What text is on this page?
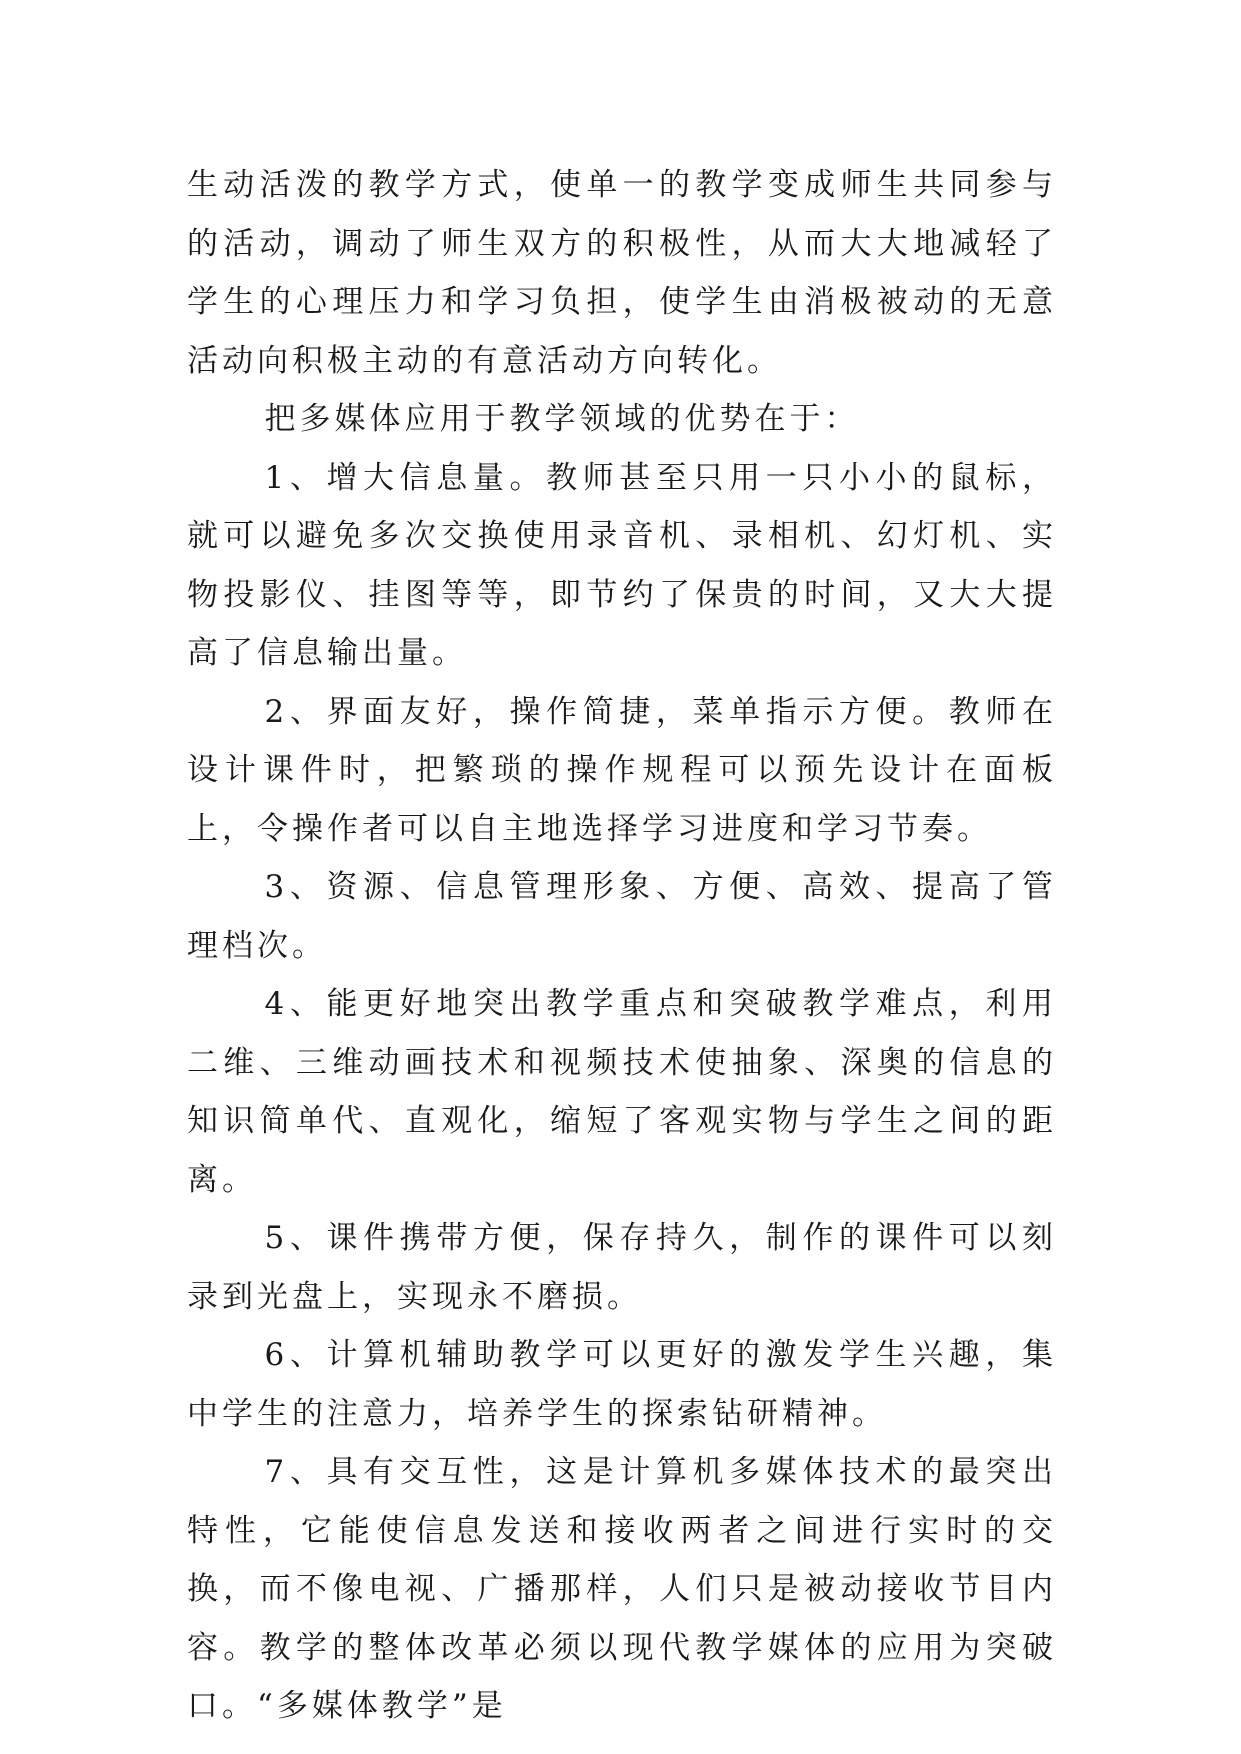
生动活泼的教学方式，使单一的教学变成师生共同参与的活动，调动了师生双方的积极性，从而大大地减轻了学生的心理压力和学习负担，使学生由消极被动的无意活动向积极主动的有意活动方向转化。

把多媒体应用于教学领域的优势在于：

1、增大信息量。教师甚至只用一只小小的鼠标，就可以避免多次交换使用录音机、录相机、幻灯机、实物投影仪、挂图等等，即节约了保贵的时间，又大大提高了信息输出量。

2、界面友好，操作简捷，菜单指示方便。教师在设计课件时，把繁琐的操作规程可以预先设计在面板上，令操作者可以自主地选择学习进度和学习节奏。

3、资源、信息管理形象、方便、高效、提高了管理档次。

4、能更好地突出教学重点和突破教学难点，利用二维、三维动画技术和视频技术使抽象、深奥的信息的知识简单代、直观化，缩短了客观实物与学生之间的距离。

5、课件携带方便，保存持久，制作的课件可以刻录到光盘上，实现永不磨损。

6、计算机辅助教学可以更好的激发学生兴趣，集中学生的注意力，培养学生的探索钻研精神。

7、具有交互性，这是计算机多媒体技术的最突出特性，它能使信息发送和接收两者之间进行实时的交换，而不像电视、广播那样，人们只是被动接收节目内容。教学的整体改革必须以现代教学媒体的应用为突破口。“多媒体教学”是
